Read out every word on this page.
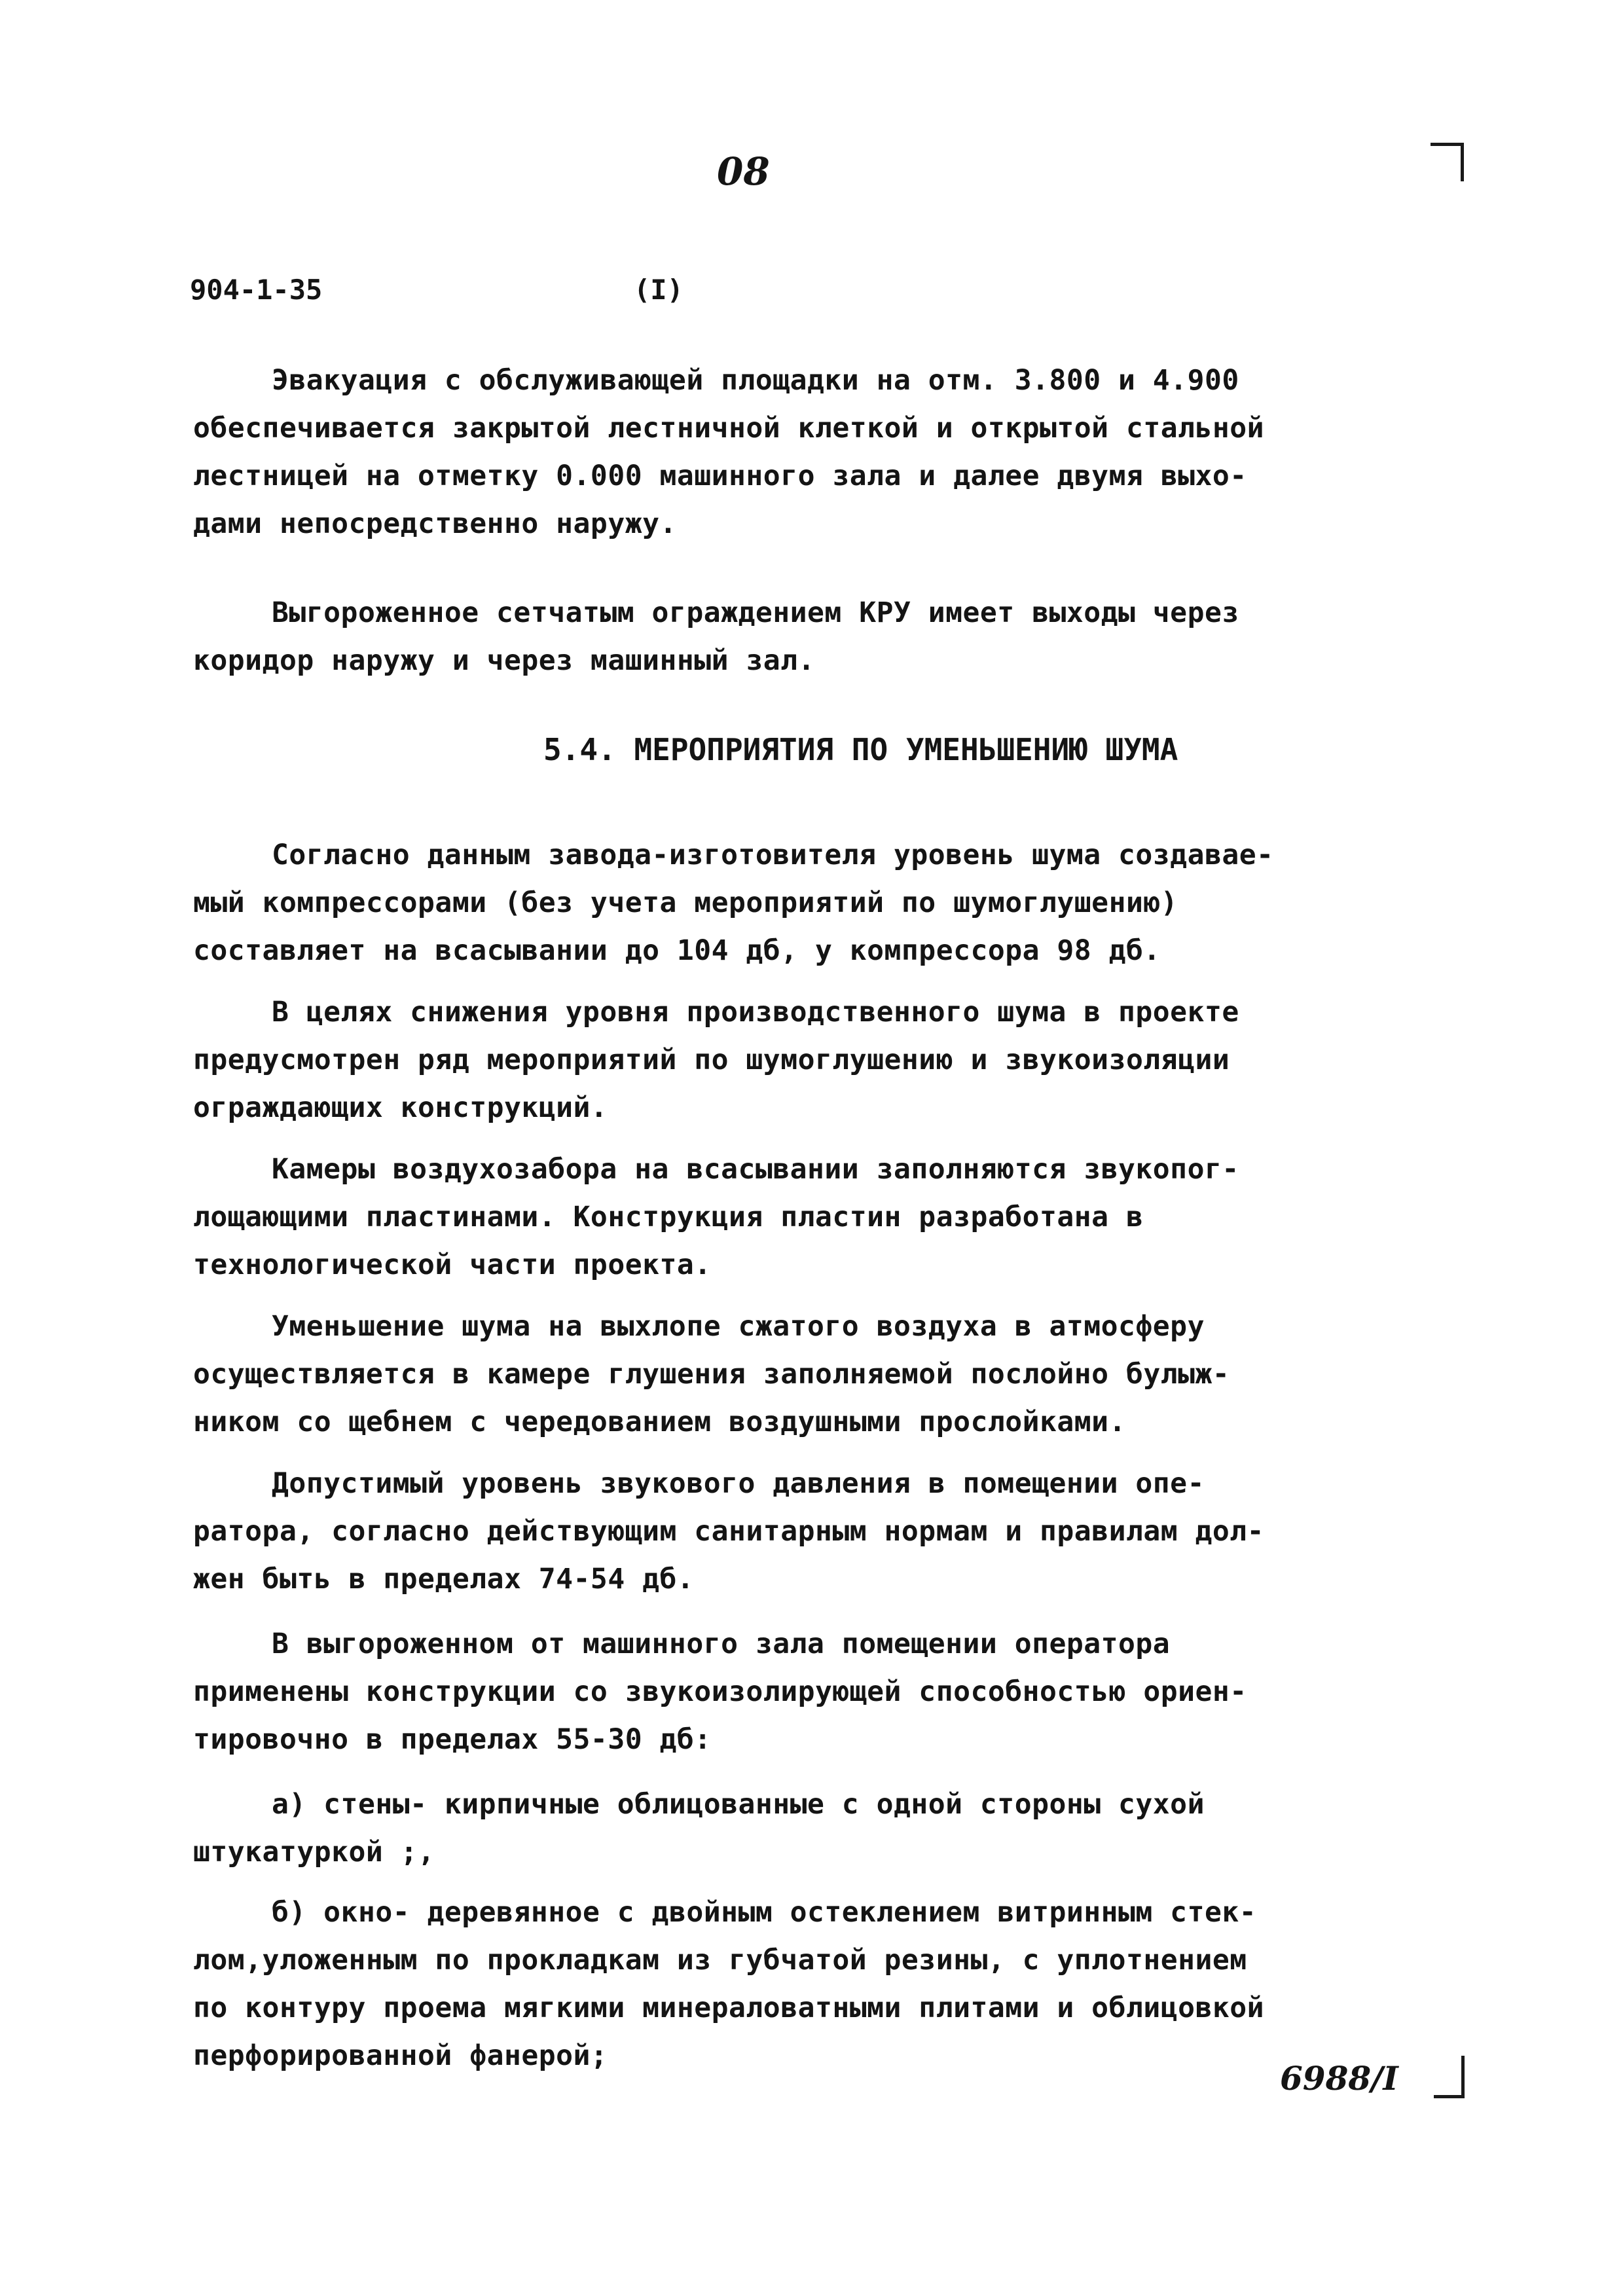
08
904-1-35	(I)
Эвакуация с обслуживающей площадки на отм. 3.800 и 4.900
обеспечивается закрытой лестничной клеткой и открытой стальной
лестницей на отметку 0.000 машинного зала и далее двумя выхо-
дами непосредственно наружу.
Выгороженное сетчатым ограждением КРУ имеет выходы через
коридор наружу и через машинный зал.
5.4. МЕРОПРИЯТИЯ ПО УМЕНЬШЕНИЮ ШУМА
Согласно данным завода-изготовителя уровень шума создавае-
мый компрессорами (без учета мероприятий по шумоглушению)
составляет на всасывании до 104 дб, у компрессора 98 дб.
В целях снижения уровня производственного шума в проекте
предусмотрен ряд мероприятий по шумоглушению и звукоизоляции
ограждающих конструкций.
Камеры воздухозабора на всасывании заполняются звукопог-
лощающими пластинами. Конструкция пластин разработана в
технологической части проекта.
Уменьшение шума на выхлопе сжатого воздуха в атмосферу
осуществляется в камере глушения заполняемой послойно булыж-
ником со щебнем с чередованием воздушными прослойками.
Допустимый уровень звукового давления в помещении опе-
ратора, согласно действующим санитарным нормам и правилам дол-
жен быть в пределах 74-54 дб.
В выгороженном от машинного зала помещении оператора
применены конструкции со звукоизолирующей способностью ориен-
тировочно в пределах 55-30 дб:
а) стены- кирпичные облицованные с одной стороны сухой
штукатуркой ;,
б) окно- деревянное с двойным остеклением витринным стек-
лом,уложенным по прокладкам из губчатой резины, с уплотнением
по контуру проема мягкими минераловатными плитами и облицовкой
перфорированной фанерой;
6988/I
